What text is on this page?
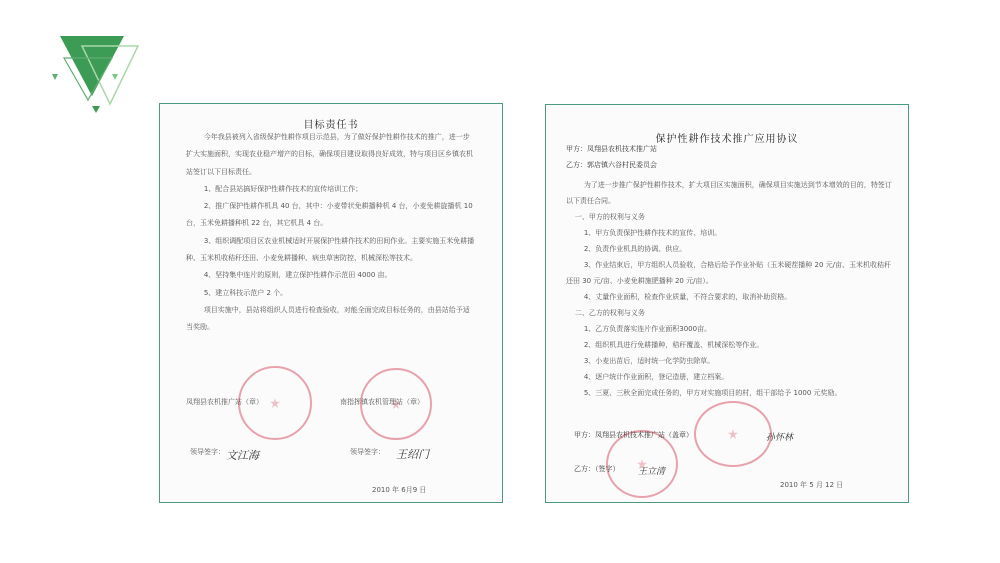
目标责任书

今年我县被列入省级保护性耕作项目示范县，为了做好保护性耕作技术的推广，进一步扩大实施面积，实现农业稳产增产的目标，确保项目建设取得良好成效，特与项目区乡镇农机站签订以下目标责任。

1、配合县站搞好保护性耕作技术的宣传培训工作；

2、推广保护性耕作机具 40 台，其中：小麦带状免耕播种机 4 台，小麦免耕旋播机 10 台，玉米免耕播种机 22 台，其它机具 4 台。

3、组织调配项目区农业机械适时开展保护性耕作技术的田间作业。主要实施玉米免耕播种、玉米机收秸秆还田、小麦免耕播种、病虫草害防控、机械深松等技术。

4、坚持集中连片的原则，建立保护性耕作示范田 4000 亩。

5、建立科技示范户 2 个。

项目实施中，县站将组织人员进行检查验收，对能全面完成目标任务的，由县站给予适当奖励。

凤翔县农机推广站（章）	南指挥镇农机管理站（章）
领导签字： 文江海	领导签字： 王绍门
2010 年 6月9 日
保护性耕作技术推广应用协议
甲方：凤翔县农机技术推广站
乙方：郭店镇六谷村民委员会

为了进一步推广保护性耕作技术，扩大项目区实施面积，确保项目实施达到节本增效的目的，特签订以下责任合同。

一、甲方的权利与义务

1、甲方负责保护性耕作技术的宣传、培训。

2、负责作业机具的协调、供应。

3、作业结束后，甲方组织人员验收，合格后给予作业补贴（玉米硬茬播种 20 元/亩、玉米机收秸秆还田 30 元/亩、小麦免耕施肥播种 20 元/亩）。

4、丈量作业面积，检查作业质量，不符合要求的，取消补助资格。

二、乙方的权利与义务

1、乙方负责落实连片作业面积3000亩。

2、组织机具进行免耕播种，秸秆覆盖、机械深松等作业。

3、小麦出苗后，适时统一化学防虫除草。

4、逐户统计作业面积，登记造册，建立档案。

5、三夏、三秋全面完成任务的，甲方对实施项目的村，组干部给予 1000 元奖励。

甲方：凤翔县农机技术推广站（盖章）	孙怀林
乙方：（签字） 王立清
2010 年 5 月 12 日
